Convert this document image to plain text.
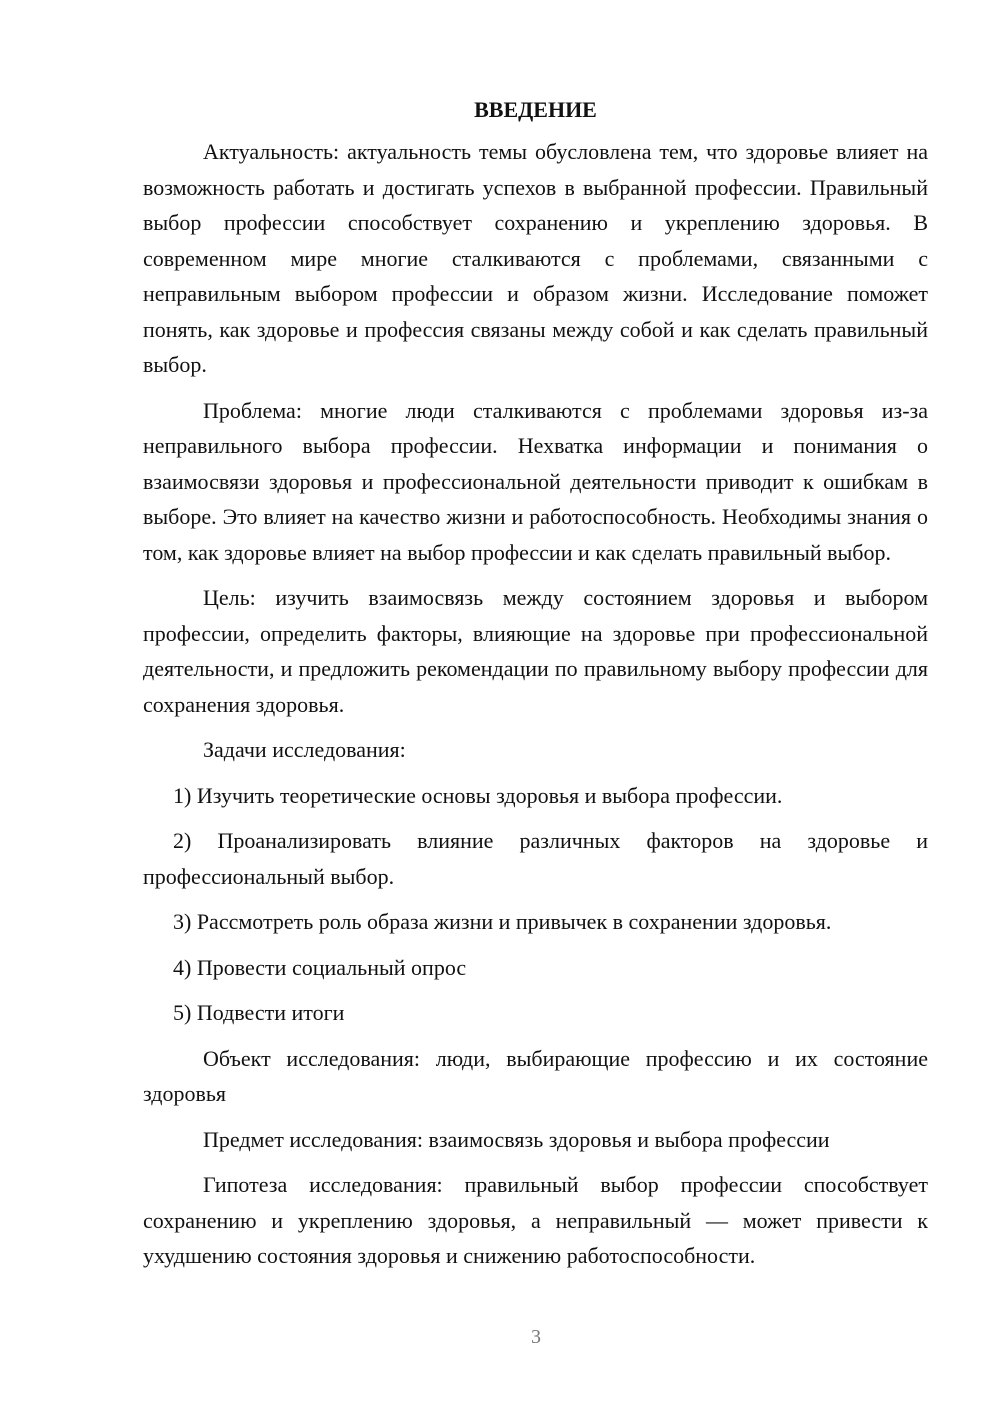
ВВЕДЕНИЕ

Актуальность: актуальность темы обусловлена тем, что здоровье влияет на возможность работать и достигать успехов в выбранной профессии. Правильный выбор профессии способствует сохранению и укреплению здоровья. В современном мире многие сталкиваются с проблемами, связанными с неправильным выбором профессии и образом жизни. Исследование поможет понять, как здоровье и профессия связаны между собой и как сделать правильный выбор.

Проблема: многие люди сталкиваются с проблемами здоровья из-за неправильного выбора профессии. Нехватка информации и понимания о взаимосвязи здоровья и профессиональной деятельности приводит к ошибкам в выборе. Это влияет на качество жизни и работоспособность. Необходимы знания о том, как здоровье влияет на выбор профессии и как сделать правильный выбор.

Цель: изучить взаимосвязь между состоянием здоровья и выбором профессии, определить факторы, влияющие на здоровье при профессиональной деятельности, и предложить рекомендации по правильному выбору профессии для сохранения здоровья.

Задачи исследования:

1) Изучить теоретические основы здоровья и выбора профессии.

2) Проанализировать влияние различных факторов на здоровье и профессиональный выбор.

3) Рассмотреть роль образа жизни и привычек в сохранении здоровья.

4) Провести социальный опрос

5) Подвести итоги

Объект исследования: люди, выбирающие профессию и их состояние здоровья

Предмет исследования: взаимосвязь здоровья и выбора профессии

Гипотеза исследования: правильный выбор профессии способствует сохранению и укреплению здоровья, а неправильный — может привести к ухудшению состояния здоровья и снижению работоспособности.

3
